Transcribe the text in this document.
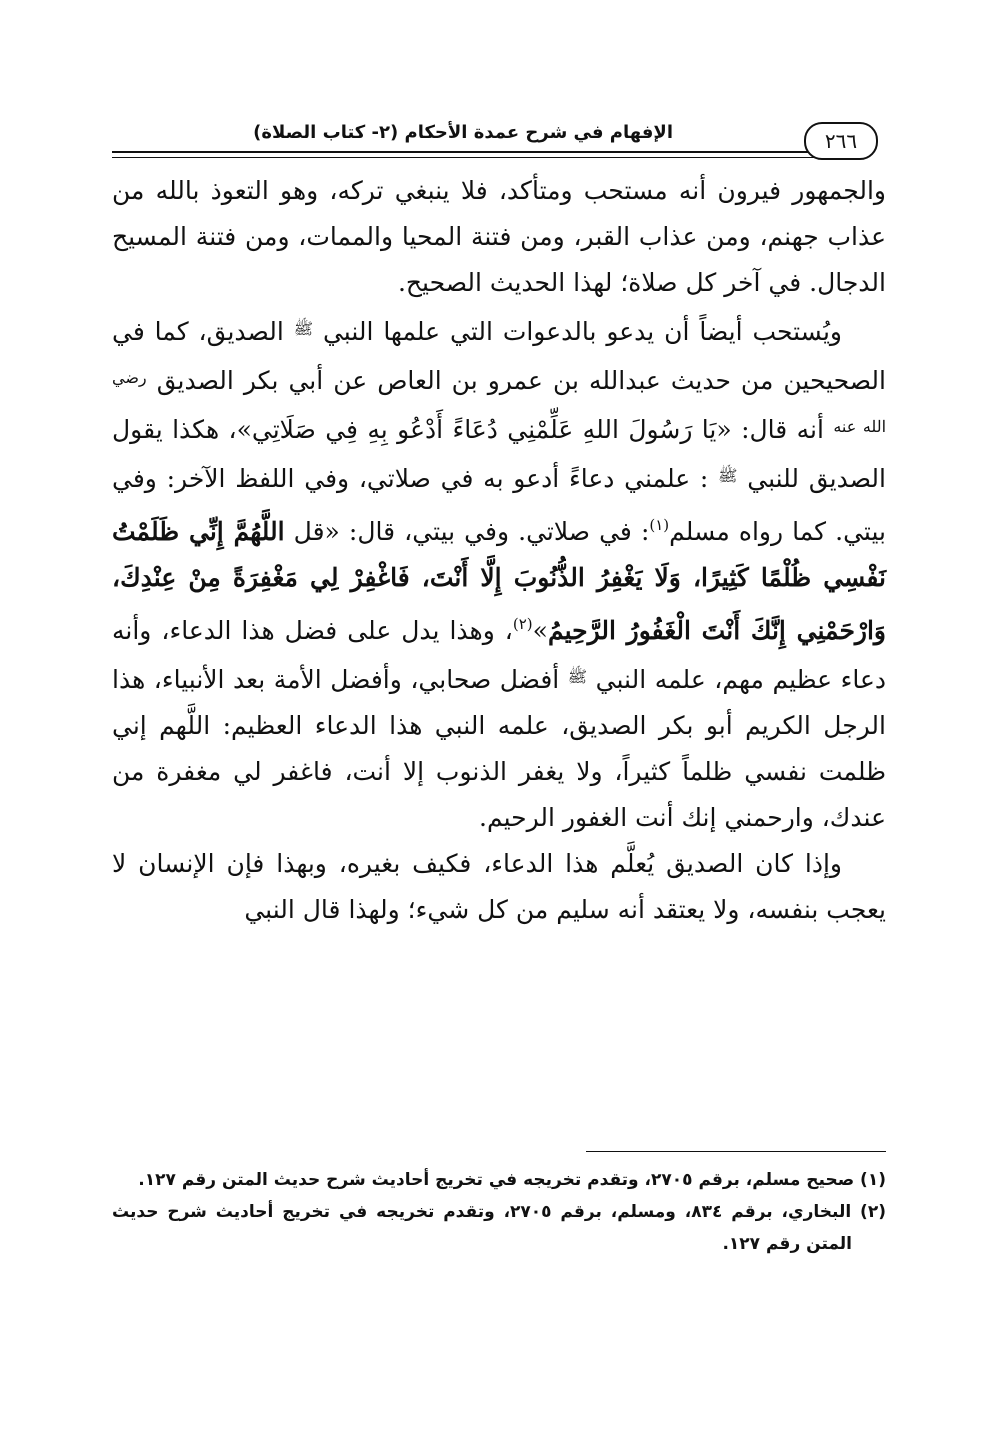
٢٦٦
الإفهام في شرح عمدة الأحكام (٢- كتاب الصلاة)

والجمهور فيرون أنه مستحب ومتأكد، فلا ينبغي تركه، وهو التعوذ بالله من عذاب جهنم، ومن عذاب القبر، ومن فتنة المحيا والممات، ومن فتنة المسيح الدجال. في آخر كل صلاة؛ لهذا الحديث الصحيح.

ويُستحب أيضاً أن يدعو بالدعوات التي علمها النبي $^ﷺ$ الصديق، كما في الصحيحين من حديث عبدالله بن عمرو بن العاص عن أبي بكر الصديق $^{رضي الله عنه}$ أنه قال: «يَا رَسُولَ اللهِ عَلِّمْنِي دُعَاءً أَدْعُو بِهِ فِي صَلَاتِي»، هكذا يقول الصديق للنبي $^ﷺ$ : علمني دعاءً أدعو به في صلاتي، وفي اللفظ الآخر: وفي بيتي. كما رواه مسلم$^{(١)}$: في صلاتي. وفي بيتي، قال: «قل اللَّهُمَّ إِنِّي ظَلَمْتُ نَفْسِي ظُلْمًا كَثِيرًا، وَلَا يَغْفِرُ الذُّنُوبَ إِلَّا أَنْتَ، فَاغْفِرْ لِي مَغْفِرَةً مِنْ عِنْدِكَ، وَارْحَمْنِي إِنَّكَ أَنْتَ الْغَفُورُ الرَّحِيمُ»$^{(٢)}$، وهذا يدل على فضل هذا الدعاء، وأنه دعاء عظيم مهم، علمه النبي $^ﷺ$ أفضل صحابي، وأفضل الأمة بعد الأنبياء، هذا الرجل الكريم أبو بكر الصديق، علمه النبي هذا الدعاء العظيم: اللَّهم إني ظلمت نفسي ظلماً كثيراً، ولا يغفر الذنوب إلا أنت، فاغفر لي مغفرة من عندك، وارحمني إنك أنت الغفور الرحيم.

وإذا كان الصديق يُعلَّم هذا الدعاء، فكيف بغيره، وبهذا فإن الإنسان لا يعجب بنفسه، ولا يعتقد أنه سليم من كل شيء؛ ولهذا قال النبي

(١) صحيح مسلم، برقم ٢٧٠٥، وتقدم تخريجه في تخريج أحاديث شرح حديث المتن رقم ١٢٧.

(٢) البخاري، برقم ٨٣٤، ومسلم، برقم ٢٧٠٥، وتقدم تخريجه في تخريج أحاديث شرح حديث المتن رقم ١٢٧.
